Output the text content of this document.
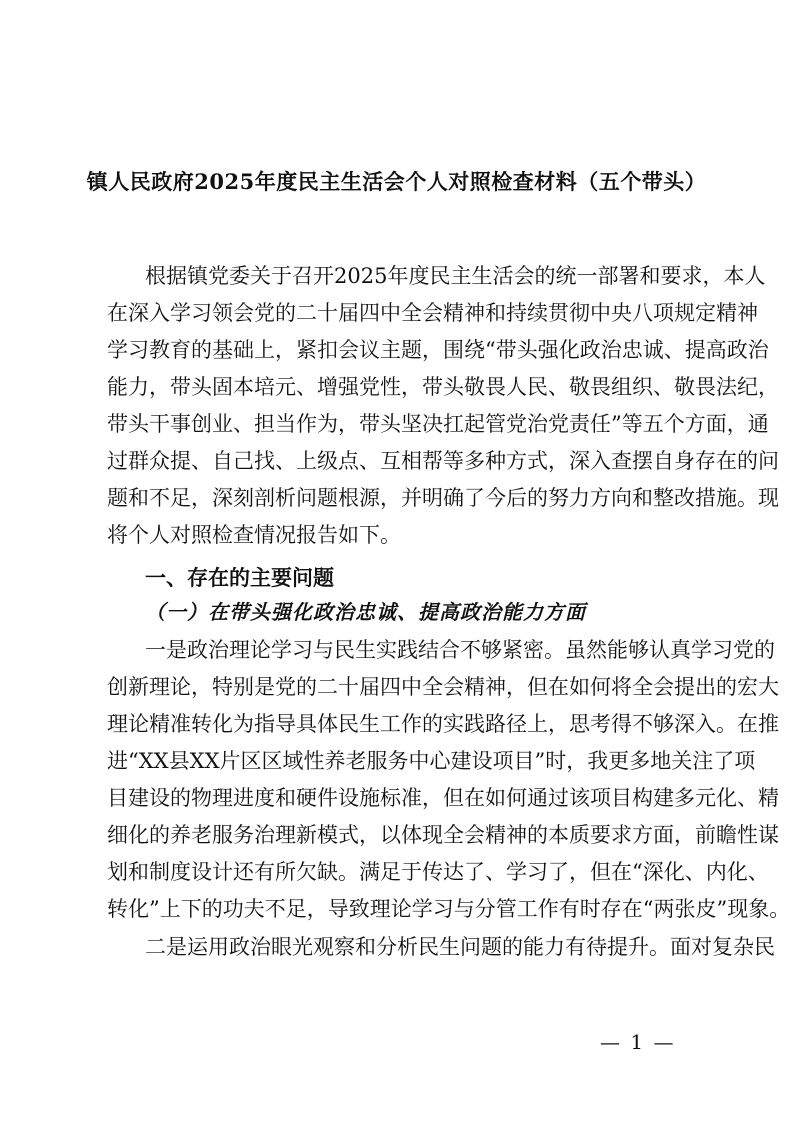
镇人民政府2025年度民主生活会个人对照检查材料（五个带头）
根据镇党委关于召开2025年度民主生活会的统一部署和要求，本人
在深入学习领会党的二十届四中全会精神和持续贯彻中央八项规定精神
学习教育的基础上，紧扣会议主题，围绕“带头强化政治忠诚、提高政治
能力，带头固本培元、增强党性，带头敬畏人民、敬畏组织、敬畏法纪，
带头干事创业、担当作为，带头坚决扛起管党治党责任”等五个方面，通
过群众提、自己找、上级点、互相帮等多种方式，深入查摆自身存在的问
题和不足，深刻剖析问题根源，并明确了今后的努力方向和整改措施。现
将个人对照检查情况报告如下。
一、存在的主要问题
（一）在带头强化政治忠诚、提高政治能力方面
一是政治理论学习与民生实践结合不够紧密。虽然能够认真学习党的
创新理论，特别是党的二十届四中全会精神，但在如何将全会提出的宏大
理论精准转化为指导具体民生工作的实践路径上，思考得不够深入。在推
进“XX县XX片区区域性养老服务中心建设项目”时，我更多地关注了项
目建设的物理进度和硬件设施标准，但在如何通过该项目构建多元化、精
细化的养老服务治理新模式，以体现全会精神的本质要求方面，前瞻性谋
划和制度设计还有所欠缺。满足于传达了、学习了，但在“深化、内化、
转化”上下的功夫不足，导致理论学习与分管工作有时存在“两张皮”现象。
二是运用政治眼光观察和分析民生问题的能力有待提升。面对复杂民
— 1 —
